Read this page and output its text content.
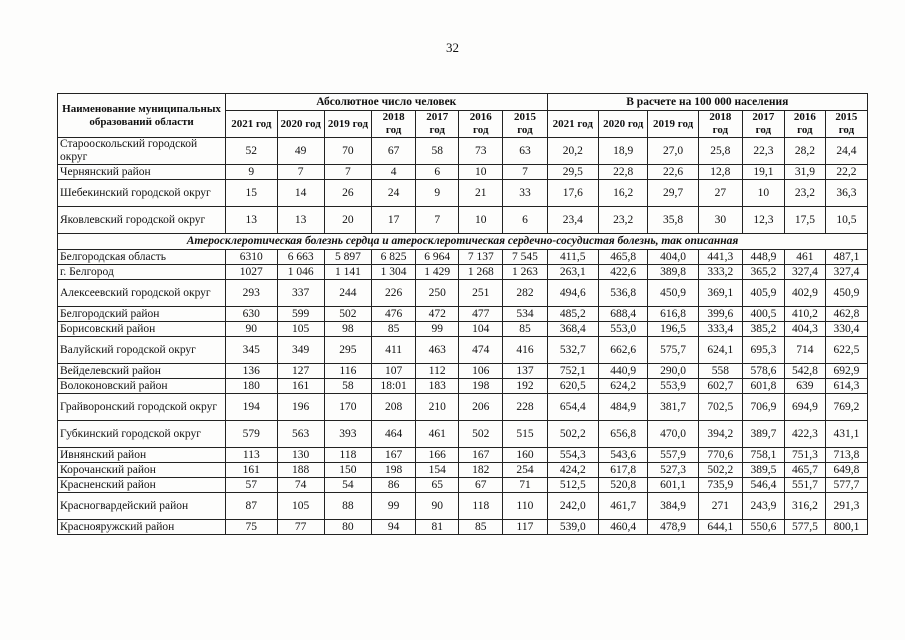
32
Наименование муниципальных образований области	Абсолютное число человек							В расчете на 100 000 населения						
	2021 год	2020 год	2019 год	2018 год	2017 год	2016 год	2015 год	2021 год	2020 год	2019 год	2018 год	2017 год	2016 год	2015 год
Старооскольский городской округ	52	49	70	67	58	73	63	20,2	18,9	27,0	25,8	22,3	28,2	24,4
Чернянский район	9	7	7	4	6	10	7	29,5	22,8	22,6	12,8	19,1	31,9	22,2
Шебекинский городской округ	15	14	26	24	9	21	33	17,6	16,2	29,7	27	10	23,2	36,3
Яковлевский городской округ	13	13	20	17	7	10	6	23,4	23,2	35,8	30	12,3	17,5	10,5
Атеросклеротическая болезнь сердца и атеросклеротическая сердечно-сосудистая болезнь, так описанная														
Белгородская область	6310	6 663	5 897	6 825	6 964	7 137	7 545	411,5	465,8	404,0	441,3	448,9	461	487,1
г. Белгород	1027	1 046	1 141	1 304	1 429	1 268	1 263	263,1	422,6	389,8	333,2	365,2	327,4	327,4
Алексеевский городской округ	293	337	244	226	250	251	282	494,6	536,8	450,9	369,1	405,9	402,9	450,9
Белгородский район	630	599	502	476	472	477	534	485,2	688,4	616,8	399,6	400,5	410,2	462,8
Борисовский район	90	105	98	85	99	104	85	368,4	553,0	196,5	333,4	385,2	404,3	330,4
Валуйский городской округ	345	349	295	411	463	474	416	532,7	662,6	575,7	624,1	695,3	714	622,5
Вейделевский район	136	127	116	107	112	106	137	752,1	440,9	290,0	558	578,6	542,8	692,9
Волоконовский район	180	161	58	18:01	183	198	192	620,5	624,2	553,9	602,7	601,8	639	614,3
Грайворонский городской округ	194	196	170	208	210	206	228	654,4	484,9	381,7	702,5	706,9	694,9	769,2
Губкинский городской округ	579	563	393	464	461	502	515	502,2	656,8	470,0	394,2	389,7	422,3	431,1
Ивнянский район	113	130	118	167	166	167	160	554,3	543,6	557,9	770,6	758,1	751,3	713,8
Корочанский район	161	188	150	198	154	182	254	424,2	617,8	527,3	502,2	389,5	465,7	649,8
Красненский район	57	74	54	86	65	67	71	512,5	520,8	601,1	735,9	546,4	551,7	577,7
Красногвардейский район	87	105	88	99	90	118	110	242,0	461,7	384,9	271	243,9	316,2	291,3
Краснояружский район	75	77	80	94	81	85	117	539,0	460,4	478,9	644,1	550,6	577,5	800,1
